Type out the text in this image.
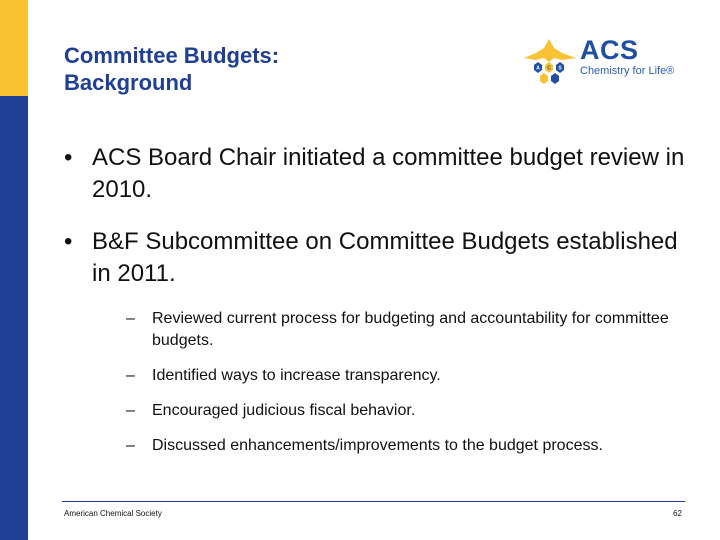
Committee Budgets:
Background
A C S
ACS
Chemistry for Life®
• ACS Board Chair initiated a committee budget review in 2010.
• B&F Subcommittee on Committee Budgets established in 2011.
–	Reviewed current process for budgeting and accountability for committee budgets.
–	Identified ways to increase transparency.
–	Encouraged judicious fiscal behavior.
–	Discussed enhancements/improvements to the budget process.
American Chemical Society	62
